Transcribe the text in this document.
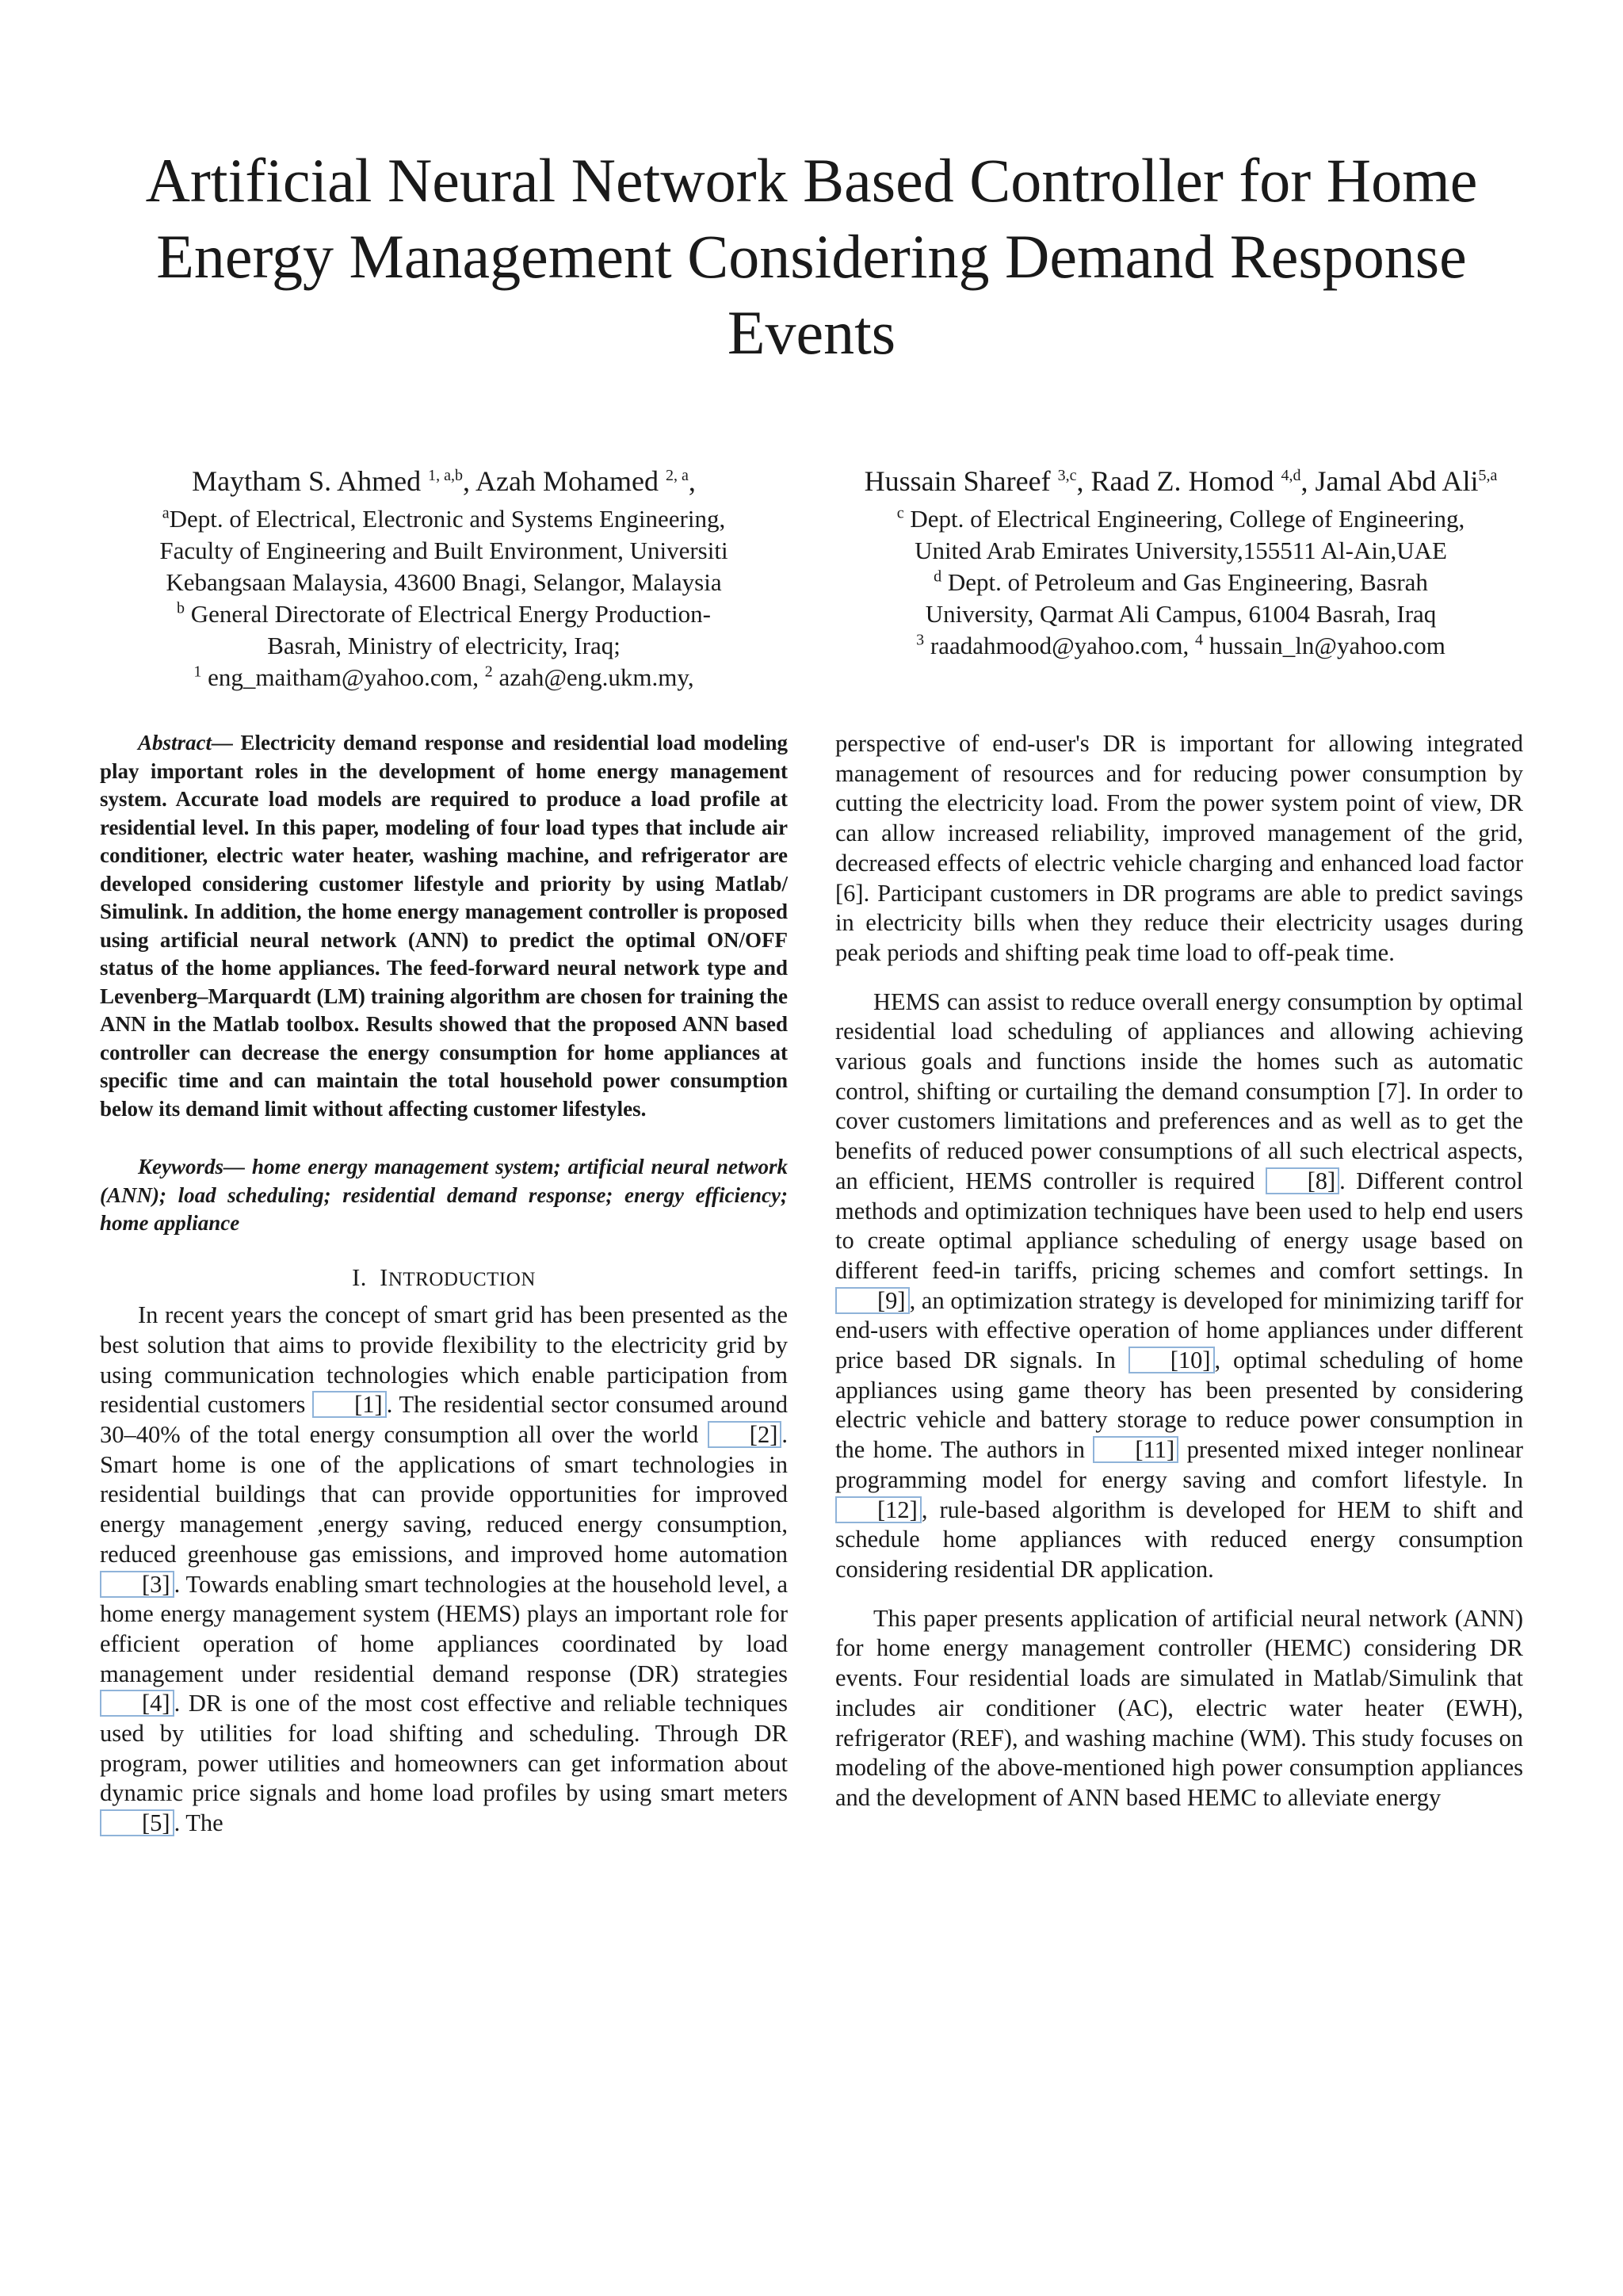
Artificial Neural Network Based Controller for Home Energy Management Considering Demand Response Events
Maytham S. Ahmed $^{1, a,b}$, Azah Mohamed $^{2, a}$,
$^a$Dept. of Electrical, Electronic and Systems Engineering,
Faculty of Engineering and Built Environment, Universiti
Kebangsaan Malaysia, 43600 Bnagi, Selangor, Malaysia
$^b$ General Directorate of Electrical Energy Production-
Basrah, Ministry of electricity, Iraq;
$^1$ eng_maitham@yahoo.com, $^2$ azah@eng.ukm.my,
Hussain Shareef $^{3,c}$, Raad Z. Homod $^{4,d}$, Jamal Abd Ali$^{5,a}$
$^c$ Dept. of Electrical Engineering, College of Engineering,
United Arab Emirates University,155511 Al-Ain,UAE
$^d$ Dept. of Petroleum and Gas Engineering, Basrah
University, Qarmat Ali Campus, 61004 Basrah, Iraq
$^3$ raadahmood@yahoo.com, $^4$ hussain_ln@yahoo.com

Abstract— Electricity demand response and residential load modeling play important roles in the development of home energy management system. Accurate load models are required to produce a load profile at residential level. In this paper, modeling of four load types that include air conditioner, electric water heater, washing machine, and refrigerator are developed considering customer lifestyle and priority by using Matlab/ Simulink. In addition, the home energy management controller is proposed using artificial neural network (ANN) to predict the optimal ON/OFF status of the home appliances. The feed-forward neural network type and Levenberg–Marquardt (LM) training algorithm are chosen for training the ANN in the Matlab toolbox. Results showed that the proposed ANN based controller can decrease the energy consumption for home appliances at specific time and can maintain the total household power consumption below its demand limit without affecting customer lifestyles.

Keywords— home energy management system; artificial neural network (ANN); load scheduling; residential demand response; energy efficiency; home appliance

I. INTRODUCTION

In recent years the concept of smart grid has been presented as the best solution that aims to provide flexibility to the electricity grid by using communication technologies which enable participation from residential customers [1] . The residential sector consumed around 30–40% of the total energy consumption all over the world [2] . Smart home is one of the applications of smart technologies in residential buildings that can provide opportunities for improved energy management ,energy saving, reduced energy consumption, reduced greenhouse gas emissions, and improved home automation [3] . Towards enabling smart technologies at the household level, a home energy management system (HEMS) plays an important role for efficient operation of home appliances coordinated by load management under residential demand response (DR) strategies [4] . DR is one of the most cost effective and reliable techniques used by utilities for load shifting and scheduling. Through DR program, power utilities and homeowners can get information about dynamic price signals and home load profiles by using smart meters [5] . The

perspective of end-user's DR is important for allowing integrated management of resources and for reducing power consumption by cutting the electricity load. From the power system point of view, DR can allow increased reliability, improved management of the grid, decreased effects of electric vehicle charging and enhanced load factor [6]. Participant customers in DR programs are able to predict savings in electricity bills when they reduce their electricity usages during peak periods and shifting peak time load to off-peak time.

HEMS can assist to reduce overall energy consumption by optimal residential load scheduling of appliances and allowing achieving various goals and functions inside the homes such as automatic control, shifting or curtailing the demand consumption [7]. In order to cover customers limitations and preferences and as well as to get the benefits of reduced power consumptions of all such electrical aspects, an efficient, HEMS controller is required [8] . Different control methods and optimization techniques have been used to help end users to create optimal appliance scheduling of energy usage based on different feed-in tariffs, pricing schemes and comfort settings. In [9] , an optimization strategy is developed for minimizing tariff for end-users with effective operation of home appliances under different price based DR signals. In [10] , optimal scheduling of home appliances using game theory has been presented by considering electric vehicle and battery storage to reduce power consumption in the home. The authors in [11] presented mixed integer nonlinear programming model for energy saving and comfort lifestyle. In [12] , rule-based algorithm is developed for HEM to shift and schedule home appliances with reduced energy consumption considering residential DR application.

This paper presents application of artificial neural network (ANN) for home energy management controller (HEMC) considering DR events. Four residential loads are simulated in Matlab/Simulink that includes air conditioner (AC), electric water heater (EWH), refrigerator (REF), and washing machine (WM). This study focuses on modeling of the above-mentioned high power consumption appliances and the development of ANN based HEMC to alleviate energy
